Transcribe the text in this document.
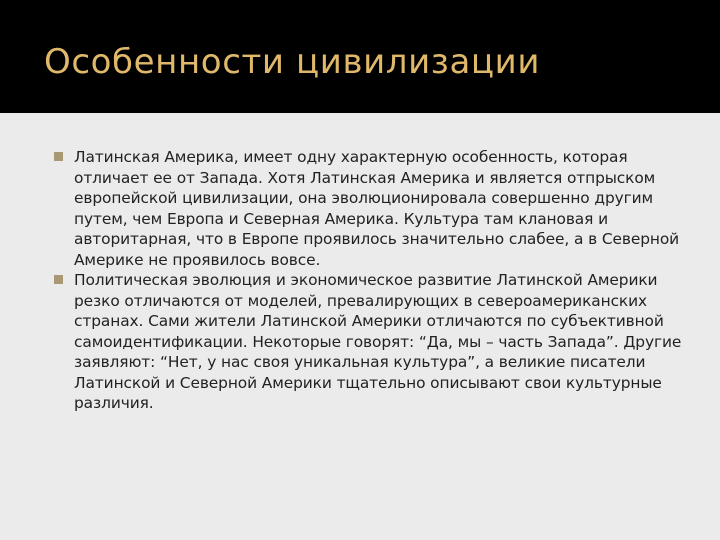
Особенности цивилизации
Латинская Америка, имеет одну характерную особенность, которая отличает ее от Запада. Хотя Латинская Америка и является отпрыском европейской цивилизации, она эволюционировала совершенно другим путем, чем Европа и Северная Америка. Культура там клановая и авторитарная, что в Европе проявилось значительно слабее, а в Северной Америке не проявилось вовсе.
Политическая эволюция и экономическое развитие Латинской Америки резко отличаются от моделей, превалирующих в североамериканских странах. Сами жители Латинской Америки отличаются по субъективной самоидентификации. Некоторые говорят: “Да, мы – часть Запада”. Другие заявляют: “Нет, у нас своя уникальная культура”, а великие писатели Латинской и Северной Америки тщательно описывают свои культурные различия.
